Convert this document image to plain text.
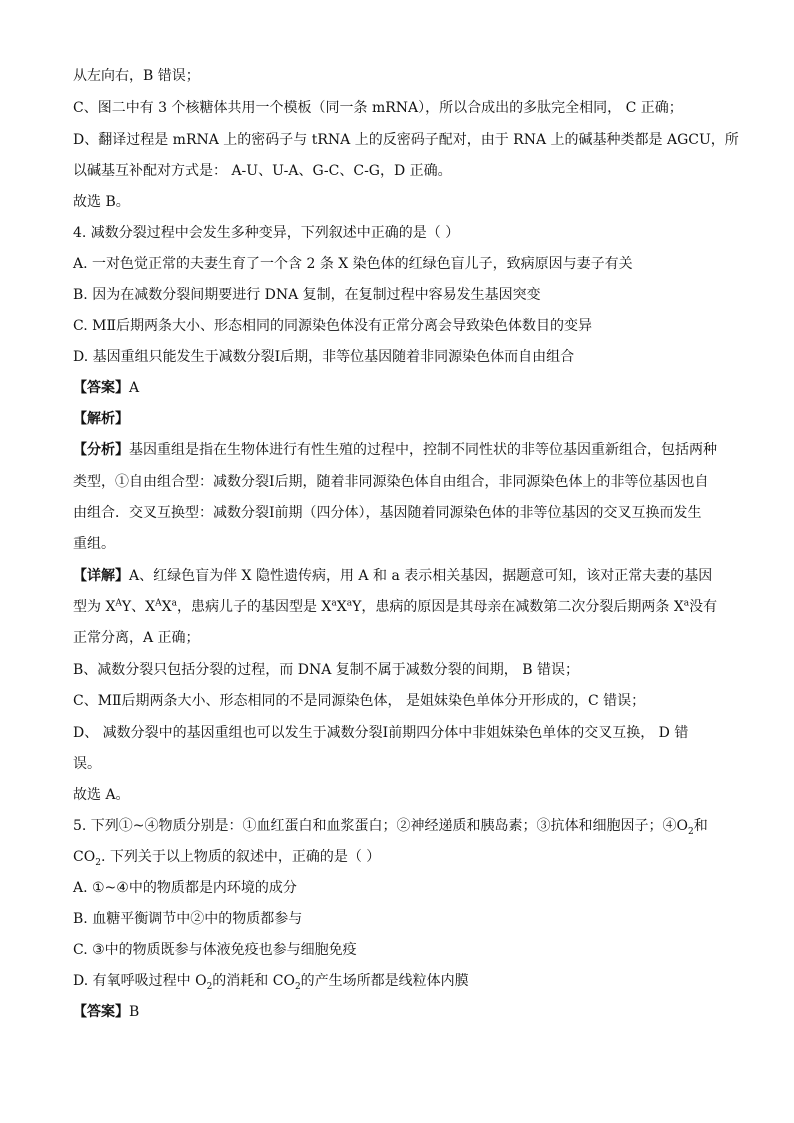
从左向右，B 错误；
C、图二中有 3 个核糖体共用一个模板（同一条 mRNA），所以合成出的多肽完全相同， C 正确；
D、翻译过程是 mRNA 上的密码子与 tRNA 上的反密码子配对，由于 RNA 上的碱基种类都是 AGCU，所
以碱基互补配对方式是： A-U、U-A、G-C、C-G，D 正确。
故选 B。
4. 减数分裂过程中会发生多种变异，下列叙述中正确的是（ ）
A. 一对色觉正常的夫妻生育了一个含 2 条 X 染色体的红绿色盲儿子，致病原因与妻子有关
B. 因为在减数分裂间期要进行 DNA 复制，在复制过程中容易发生基因突变
C. MⅡ后期两条大小、形态相同的同源染色体没有正常分离会导致染色体数目的变异
D. 基因重组只能发生于减数分裂Ⅰ后期，非等位基因随着非同源染色体而自由组合
【答案】A
【解析】
【分析】基因重组是指在生物体进行有性生殖的过程中，控制不同性状的非等位基因重新组合，包括两种
类型，①自由组合型：减数分裂Ⅰ后期，随着非同源染色体自由组合，非同源染色体上的非等位基因也自
由组合．交叉互换型：减数分裂Ⅰ前期（四分体），基因随着同源染色体的非等位基因的交叉互换而发生
重组。
【详解】A、红绿色盲为伴 X 隐性遗传病，用 A 和 a 表示相关基因，据题意可知，该对正常夫妻的基因
型为 $X^AY$、$X^AX^a$，患病儿子的基因型是 $X^aX^aY$，患病的原因是其母亲在减数第二次分裂后期两条 $X^a$没有
正常分离，A 正确；
B、减数分裂只包括分裂的过程，而 DNA 复制不属于减数分裂的间期， B 错误；
C、MⅡ后期两条大小、形态相同的不是同源染色体， 是姐妹染色单体分开形成的，C 错误；
D、 减数分裂中的基因重组也可以发生于减数分裂Ⅰ前期四分体中非姐妹染色单体的交叉互换， D 错
误。
故选 A。
5. 下列①~④物质分别是：①血红蛋白和血浆蛋白；②神经递质和胰岛素；③抗体和细胞因子；$④O_2$和
$CO_2$. 下列关于以上物质的叙述中，正确的是（ ）
A. ①~④中的物质都是内环境的成分
B. 血糖平衡调节中②中的物质都参与
C. ③中的物质既参与体液免疫也参与细胞免疫
D. 有氧呼吸过程中 $O_2$的消耗和 $CO_2$的产生场所都是线粒体内膜
【答案】B
